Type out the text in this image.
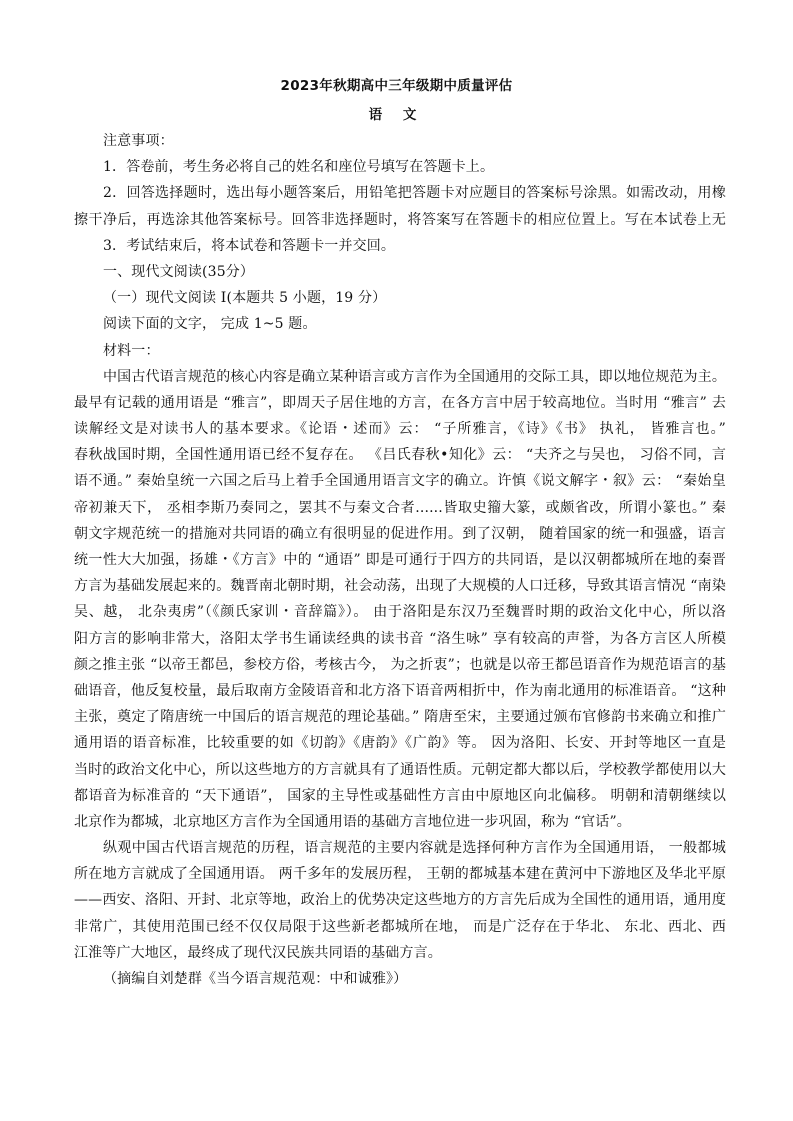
2023年秋期高中三年级期中质量评估
语 文
注意事项：
1．答卷前，考生务必将自己的姓名和座位号填写在答题卡上。
2．回答选择题时，选出每小题答案后，用铅笔把答题卡对应题目的答案标号涂黑。如需改动，用橡
擦干净后，再选涂其他答案标号。回答非选择题时，将答案写在答题卡的相应位置上。写在本试卷上无
3．考试结束后，将本试卷和答题卡一并交回。
一、现代文阅读(35分）
（一）现代文阅读 I(本题共 5 小题，19 分）
阅读下面的文字， 完成 1~5 题。
材料一：
中国古代语言规范的核心内容是确立某种语言或方言作为全国通用的交际工具，即以地位规范为主。
最早有记载的通用语是 “雅言”，即周天子居住地的方言，在各方言中居于较高地位。当时用 “雅言” 去
读解经文是对读书人的基本要求。《论语・述而》云： “子所雅言，《诗》《书》 执礼， 皆雅言也。”
春秋战国时期，全国性通用语已经不复存在。 《吕氏春秋•知化》云： “夫齐之与吴也， 习俗不同，言
语不通。” 秦始皇统一六国之后马上着手全国通用语言文字的确立。许慎《说文解字・叙》云： “秦始皇
帝初兼天下， 丞相李斯乃奏同之，罢其不与秦文合者......皆取史籀大篆，或颇省改，所谓小篆也。” 秦
朝文字规范统一的措施对共同语的确立有很明显的促进作用。到了汉朝， 随着国家的统一和强盛，语言
统一性大大加强，扬雄・《方言》中的 “通语” 即是可通行于四方的共同语，是以汉朝都城所在地的秦晋
方言为基础发展起来的。魏晋南北朝时期，社会动荡，出现了大规模的人口迁移，导致其语言情况 “南染
吴、越， 北杂夷虏”（《颜氏家训・音辞篇》）。 由于洛阳是东汉乃至魏晋时期的政治文化中心，所以洛
阳方言的影响非常大，洛阳太学书生诵读经典的读书音 “洛生咏” 享有较高的声誉，为各方言区人所模
颜之推主张 “以帝王都邑，参校方俗，考核古今， 为之折衷”；也就是以帝王都邑语音作为规范语言的基
础语音，他反复校量，最后取南方金陵语音和北方洛下语音两相折中，作为南北通用的标准语音。 “这种
主张，奠定了隋唐统一中国后的语言规范的理论基础。” 隋唐至宋，主要通过颁布官修韵书来确立和推广
通用语的语音标准，比较重要的如《切韵》《唐韵》《广韵》等。 因为洛阳、长安、开封等地区一直是
当时的政治文化中心，所以这些地方的方言就具有了通语性质。元朝定都大都以后，学校教学都使用以大
都语音为标准音的 “天下通语”， 国家的主导性或基础性方言由中原地区向北偏移。 明朝和清朝继续以
北京作为都城，北京地区方言作为全国通用语的基础方言地位进一步巩固，称为 “官话”。
纵观中国古代语言规范的历程，语言规范的主要内容就是选择何种方言作为全国通用语， 一般都城
所在地方言就成了全国通用语。 两千多年的发展历程， 王朝的都城基本建在黄河中下游地区及华北平原
——西安、洛阳、开封、北京等地，政治上的优势决定这些地方的方言先后成为全国性的通用语，通用度
非常广，其使用范围已经不仅仅局限于这些新老都城所在地， 而是广泛存在于华北、 东北、西北、西
江淮等广大地区，最终成了现代汉民族共同语的基础方言。
（摘编自刘楚群《当今语言规范观：中和诚雅》）
